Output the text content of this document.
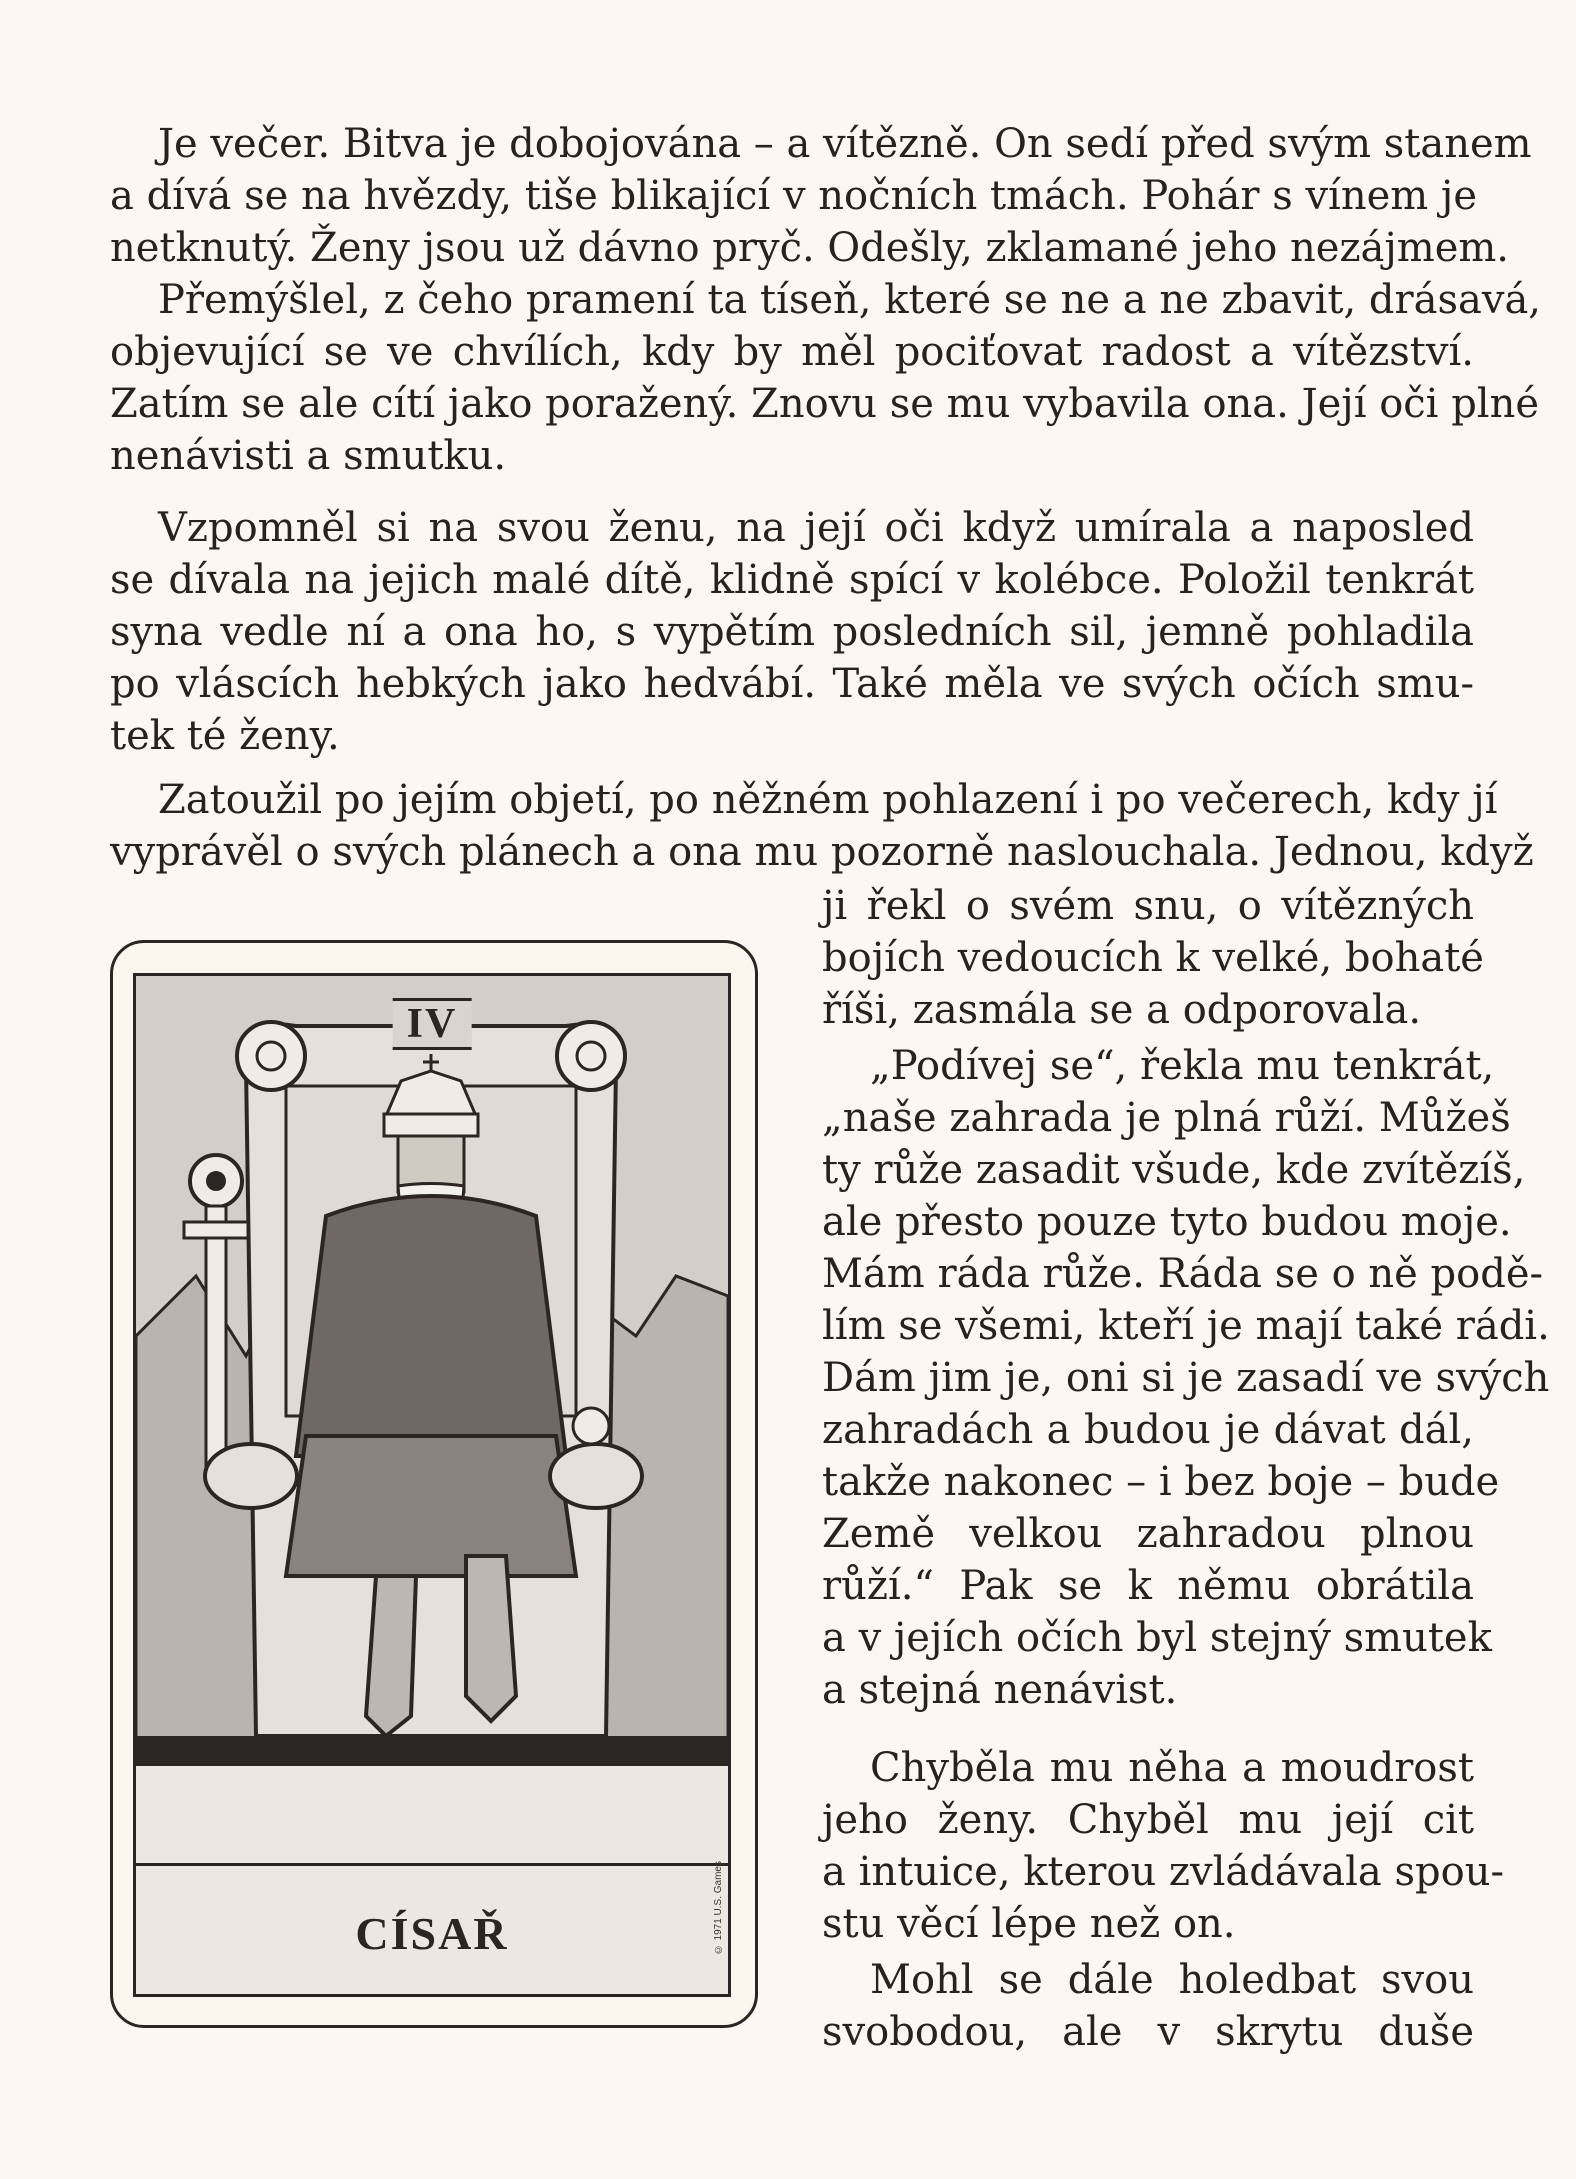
Je večer. Bitva je dobojována – a vítězně. On sedí před svým stanem
a dívá se na hvězdy, tiše blikající v nočních tmách. Pohár s vínem je
netknutý. Ženy jsou už dávno pryč. Odešly, zklamané jeho nezájmem.
Přemýšlel, z čeho pramení ta tíseň, které se ne a ne zbavit, drásavá,
objevující se ve chvílích, kdy by měl pociťovat radost a vítězství.
Zatím se ale cítí jako poražený. Znovu se mu vybavila ona. Její oči plné
nenávisti a smutku.
Vzpomněl si na svou ženu, na její oči když umírala a naposled
se dívala na jejich malé dítě, klidně spící v kolébce. Položil tenkrát
syna vedle ní a ona ho, s vypětím posledních sil, jemně pohladila
po vláscích hebkých jako hedvábí. Také měla ve svých očích smu-
tek té ženy.
Zatoužil po jejím objetí, po něžném pohlazení i po večerech, kdy jí
vyprávěl o svých plánech a ona mu pozorně naslouchala. Jednou, když
ji řekl o svém snu, o vítězných
bojích vedoucích k velké, bohaté
říši, zasmála se a odporovala.
„Podívej se“, řekla mu tenkrát,
„naše zahrada je plná růží. Můžeš
ty růže zasadit všude, kde zvítězíš,
ale přesto pouze tyto budou moje.
Mám ráda růže. Ráda se o ně podě-
lím se všemi, kteří je mají také rádi.
Dám jim je, oni si je zasadí ve svých
zahradách a budou je dávat dál,
takže nakonec – i bez boje – bude
Země velkou zahradou plnou
růží.“ Pak se k němu obrátila
a v jejích očích byl stejný smutek
a stejná nenávist.
Chyběla mu něha a moudrost
jeho ženy. Chyběl mu její cit
a intuice, kterou zvládávala spou-
stu věcí lépe než on.
Mohl se dále holedbat svou
svobodou, ale v skrytu duše
IV
CÍSAŘ	© 1971 U.S. Games
